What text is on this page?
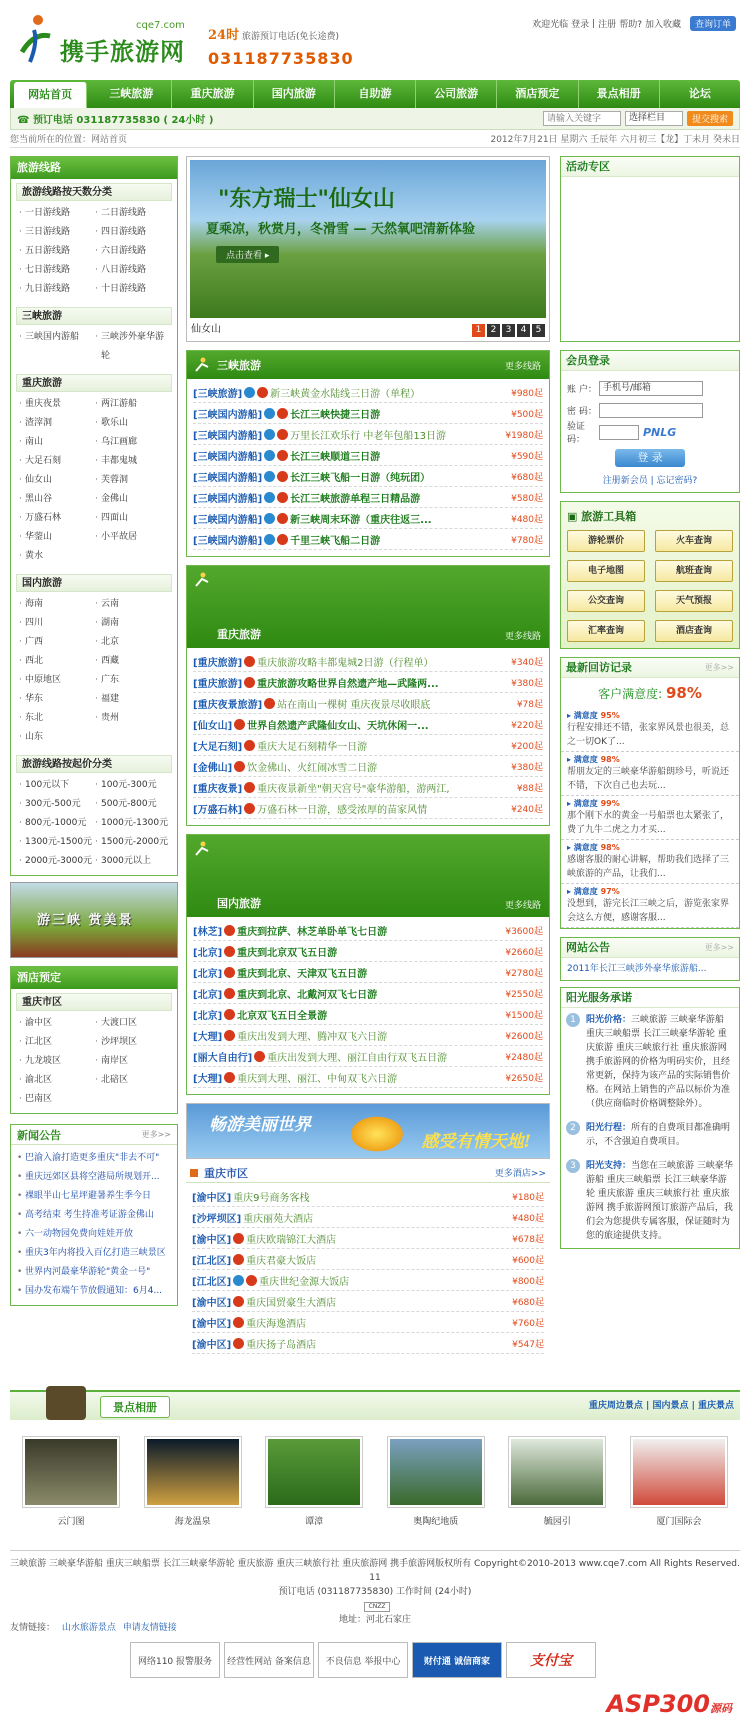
cqe7.com
携手旅游网
24时 旅游预订电话(免长途费)
031187735830
欢迎光临 登录 | 注册 帮助? 加入收藏	查询订单
网站首页	三峡旅游	重庆旅游	国内旅游	自助游	公司旅游	酒店预定	景点相册	论坛
☎ 预订电话 031187735830 ( 24小时 )
请输入关键字	选择栏目	提交搜索
您当前所在的位置：网站首页	2012年7月21日 星期六 壬辰年 六月初三【龙】丁未月 癸未日
旅游线路
旅游线路按天数分类
· 一日游线路	· 二日游线路
· 三日游线路	· 四日游线路
· 五日游线路	· 六日游线路
· 七日游线路	· 八日游线路
· 九日游线路	· 十日游线路
三峡旅游
· 三峡国内游船	· 三峡涉外豪华游轮
重庆旅游
· 重庆夜景	· 两江游船
· 渣滓洞	· 歌乐山
· 南山	· 乌江画廊
· 大足石刻	· 丰都鬼城
· 仙女山	· 芙蓉洞
· 黑山谷	· 金佛山
· 万盛石林	· 四面山
· 华蓥山	· 小平故居
· 黄水
国内旅游
· 海南	· 云南
· 四川	· 湖南
· 广西	· 北京
· 西北	· 西藏
· 中原地区	· 广东
· 华东	· 福建
· 东北	· 贵州
· 山东
旅游线路按起价分类
· 100元以下	· 100元-300元
· 300元-500元	· 500元-800元
· 800元-1000元	· 1000元-1300元
· 1300元-1500元 · 1500元-2000元
· 2000元-3000元 · 3000元以上
游三峡 赏美景
酒店预定
重庆市区
· 渝中区	· 大渡口区
· 江北区	· 沙坪坝区
· 九龙坡区	· 南岸区
· 渝北区	· 北碚区
· 巴南区
新闻公告	更多>>
• 巴渝入渝打造更多重庆"非去不可"
• 重庆远郊区县将空港局所规划开...
• 裸眼半山七星坪避暑养生季今日
• 高考结束 考生持准考证游金佛山
• 六一动物园免费向娃娃开放
• 重庆3年内将投入百亿打造三峡景区
• 世界内河最豪华游轮"黄金一号"
• 国办发布端午节放假通知：6月4...
"东方瑞士"仙女山
夏乘凉，秋赏月，冬滑雪 — 天然氧吧清新体验
点击查看 ▸
仙女山	1	2	3	4	5
三峡旅游	更多线路
[三峡旅游]	新三峡黄金水陆线三日游（单程）	¥980起
[三峡国内游船]	长江三峡快捷三日游	¥500起
[三峡国内游船]	万里长江欢乐行 中老年包船13日游	¥1980起
[三峡国内游船]	长江三峡顺道三日游	¥590起
[三峡国内游船]	长江三峡飞船一日游（纯玩团）	¥680起
[三峡国内游船]	长江三峡旅游单程三日精品游	¥580起
[三峡国内游船]	新三峡周末环游（重庆往返三...	¥480起
[三峡国内游船]	千里三峡飞船二日游	¥780起
重庆旅游	更多线路
[重庆旅游] 重庆旅游攻略丰都鬼城2日游（行程单）	¥340起
[重庆旅游] 重庆旅游攻略世界自然遗产地—武隆两...	¥380起
[重庆夜景旅游] 站在南山一棵树 重庆夜景尽收眼底	¥78起
[仙女山] 世界自然遗产武隆仙女山、天坑休闲一...	¥220起
[大足石刻] 重庆大足石刻精华一日游	¥200起
[金佛山] 饮金佛山、火红闹冰雪二日游	¥380起
[重庆夜景] 重庆夜景新坐"朝天宫号"豪华游船，游两江,	¥88起
[万盛石林] 万盛石林一日游，感受浓厚的苗家风情	¥240起
国内旅游	更多线路
[林芝] 重庆到拉萨、林芝单卧单飞七日游	¥3600起
[北京] 重庆到北京双飞五日游	¥2660起
[北京] 重庆到北京、天津双飞五日游	¥2780起
[北京] 重庆到北京、北戴河双飞七日游	¥2550起
[北京] 北京双飞五日全景游	¥1500起
[大理] 重庆出发到大理、腾冲双飞六日游	¥2600起
[丽大自由行] 重庆出发到大理、丽江自由行双飞五日游	¥2480起
[大理] 重庆到大理、丽江、中甸双飞六日游	¥2650起
畅游美丽世界
感受有情天地!
重庆市区	更多酒店>>
[渝中区] 重庆9号商务客栈	¥180起
[沙坪坝区] 重庆丽苑大酒店	¥480起
[渝中区] 重庆欧瑞锦江大酒店	¥678起
[江北区] 重庆君豪大饭店	¥600起
[江北区]	重庆世纪金源大饭店	¥800起
[渝中区] 重庆国贸豪生大酒店	¥680起
[渝中区] 重庆海逸酒店	¥760起
[渝中区] 重庆扬子岛酒店	¥547起
活动专区
会员登录
账 户： 手机号/邮箱
密 码：
验证码：
PNLG
登 录
注册新会员 | 忘记密码?
▣ 旅游工具箱
游轮票价	火车查询
电子地图	航班查询
公交查询	天气预报
汇率查询	酒店查询
最新回访记录	更多>>
客户满意度: 98%
▸ 满意度 95%

行程安排还不错，张家界风景也很美，总之一切OK了...

▸ 满意度 98%

帮朋友定的三峡豪华游船朗珍号，听说还不错，下次自己也去玩...

▸ 满意度 99%

那个刚下水的黄金一号船票也太紧张了，费了九牛二虎之力才买...

▸ 满意度 98%

感谢客服的耐心讲解，帮助我们选择了三峡旅游的产品，让我们...

▸ 满意度 97%

没想到，游完长江三峡之后，游览张家界会这么方便，感谢客服...

网站公告	更多>>
2011年长江三峡涉外豪华旅游船...
阳光服务承诺
1	阳光价格：三峡旅游 三峡豪华游船 重庆三峡船票 长江三峡豪华游轮 重庆旅游 重庆三峡旅行社 重庆旅游网 携手旅游网的价格为明码实价，且经常更新，保持为该产品的实际销售价格。在网站上销售的产品以标价为准（供应商临时价格调整除外）。

2	阳光行程：所有的自费项目都准确明示，不含强迫自费项目。

3	阳光支持：当您在三峡旅游 三峡豪华游船 重庆三峡船票 长江三峡豪华游轮 重庆旅游 重庆三峡旅行社 重庆旅游网 携手旅游网预订旅游产品后，我们会为您提供专属客服，保证随时为您的旅途提供支持。

景点相册	重庆周边景点 | 国内景点 | 重庆景点
云门图	海龙温泉	谭漳	奥陶纪地质	毓园引	厦门国际会
三峡旅游 三峡豪华游船 重庆三峡船票 长江三峡豪华游轮 重庆旅游 重庆三峡旅行社 重庆旅游网 携手旅游网版权所有 Copyright©2010-2013 www.cqe7.com All Rights Reserved. 11
预订电话 (031187735830) 工作时间 (24小时)
CNZZ
地址：河北石家庄
友情链接： 山水旅游景点 申请友情链接
网络110 报警服务	经营性网站 备案信息	不良信息 举报中心	财付通 诚信商家	支付宝
ASP300源码
